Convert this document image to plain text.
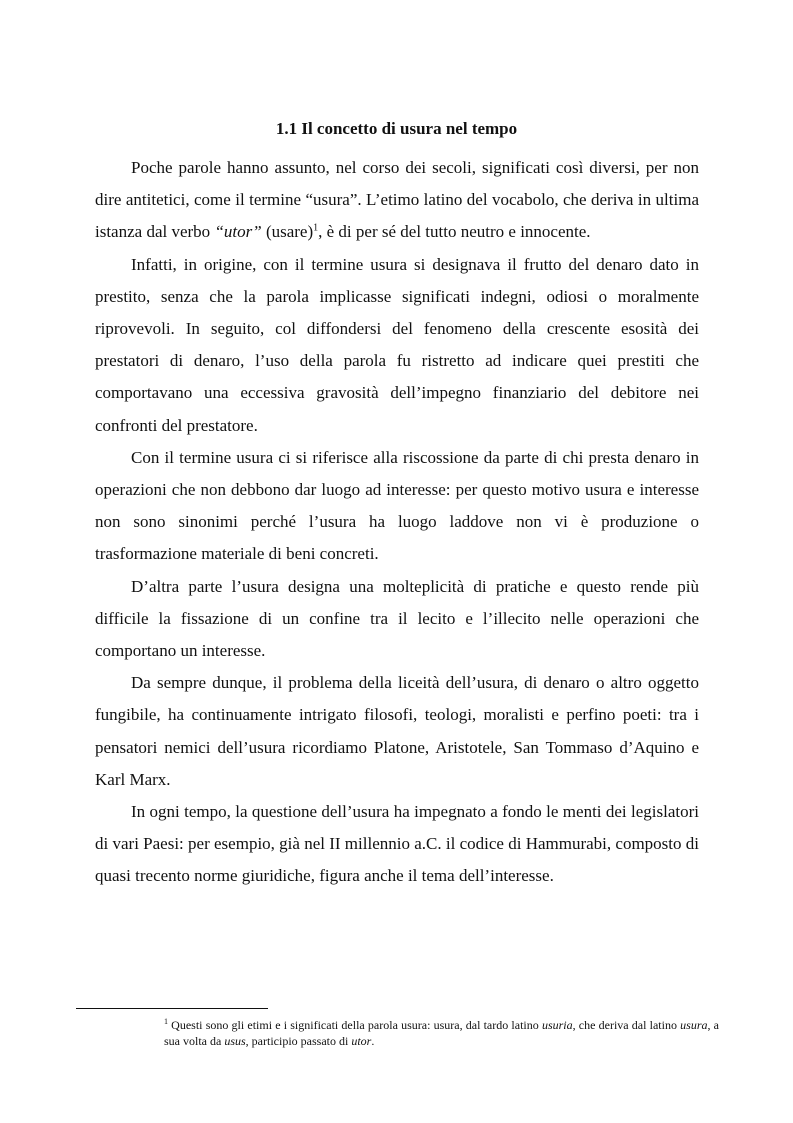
1.1 Il concetto di usura nel tempo

Poche parole hanno assunto, nel corso dei secoli, significati così diversi, per non dire antitetici, come il termine “usura”. L’etimo latino del vocabolo, che deriva in ultima istanza dal verbo “utor” (usare)$^1$, è di per sé del tutto neutro e innocente.

Infatti, in origine, con il termine usura si designava il frutto del denaro dato in prestito, senza che la parola implicasse significati indegni, odiosi o moralmente riprovevoli. In seguito, col diffondersi del fenomeno della crescente esosità dei prestatori di denaro, l’uso della parola fu ristretto ad indicare quei prestiti che comportavano una eccessiva gravosità dell’impegno finanziario del debitore nei confronti del prestatore.

Con il termine usura ci si riferisce alla riscossione da parte di chi presta denaro in operazioni che non debbono dar luogo ad interesse: per questo motivo usura e interesse non sono sinonimi perché l’usura ha luogo laddove non vi è produzione o trasformazione materiale di beni concreti.

D’altra parte l’usura designa una molteplicità di pratiche e questo rende più difficile la fissazione di un confine tra il lecito e l’illecito nelle operazioni che comportano un interesse.

Da sempre dunque, il problema della liceità dell’usura, di denaro o altro oggetto fungibile, ha continuamente intrigato filosofi, teologi, moralisti e perfino poeti: tra i pensatori nemici dell’usura ricordiamo Platone, Aristotele, San Tommaso d’Aquino e Karl Marx.

In ogni tempo, la questione dell’usura ha impegnato a fondo le menti dei legislatori di vari Paesi: per esempio, già nel II millennio a.C. il codice di Hammurabi, composto di quasi trecento norme giuridiche, figura anche il tema dell’interesse.

$^1$ Questi sono gli etimi e i significati della parola usura: usura, dal tardo latino usuria, che deriva dal latino usura, a sua volta da usus, participio passato di utor.
